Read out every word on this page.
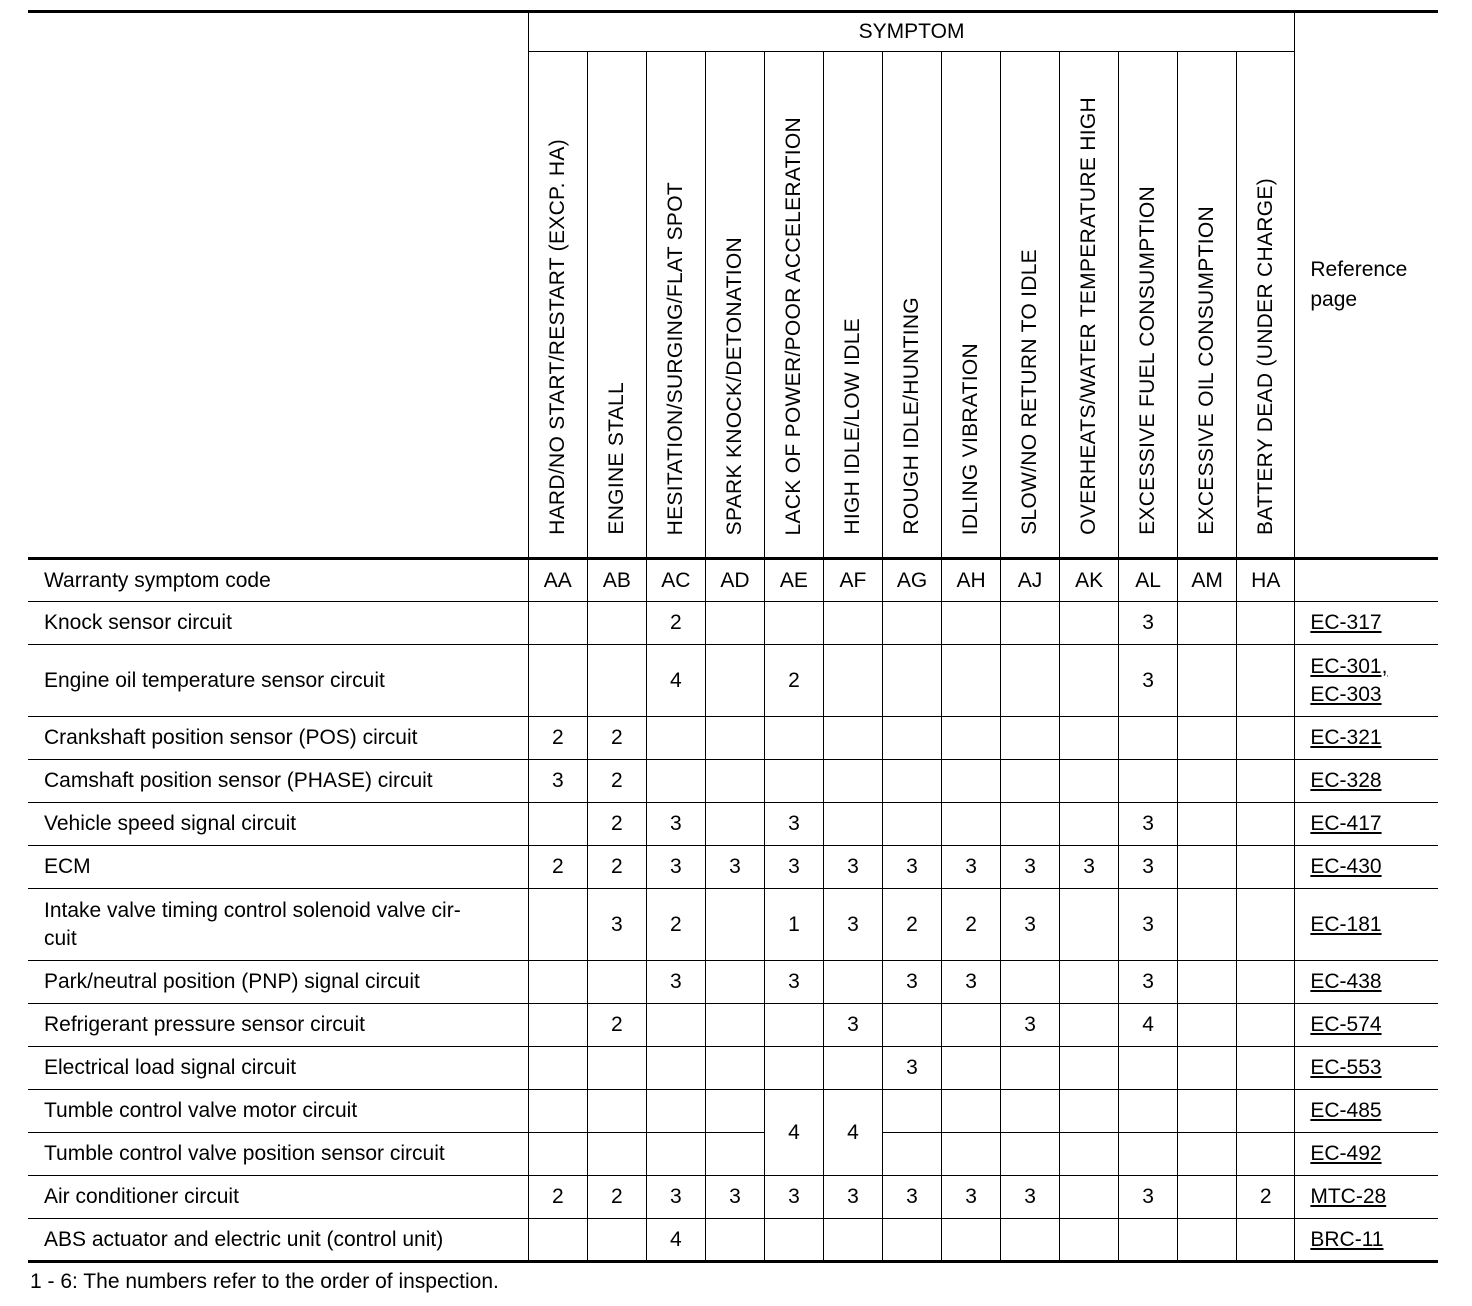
	SYMPTOM													Reference
page
	HARD/NO START/RESTART (EXCP. HA)	ENGINE STALL	HESITATION/SURGING/FLAT SPOT	SPARK KNOCK/DETONATION	LACK OF POWER/POOR ACCELERATION	HIGH IDLE/LOW IDLE	ROUGH IDLE/HUNTING	IDLING VIBRATION	SLOW/NO RETURN TO IDLE	OVERHEATS/WATER TEMPERATURE HIGH	EXCESSIVE FUEL CONSUMPTION	EXCESSIVE OIL CONSUMPTION	BATTERY DEAD (UNDER CHARGE)	
Warranty symptom code	AA	AB	AC	AD	AE	AF	AG	AH	AJ	AK	AL	AM	HA	
Knock sensor circuit			2								3			EC-317
Engine oil temperature sensor circuit			4		2						3			EC-301,
EC-303
Crankshaft position sensor (POS) circuit	2	2												EC-321
Camshaft position sensor (PHASE) circuit	3	2												EC-328
Vehicle speed signal circuit		2	3		3						3			EC-417
ECM	2	2	3	3	3	3	3	3	3	3	3			EC-430
Intake valve timing control solenoid valve cir-
cuit		3	2		1	3	2	2	3		3			EC-181
Park/neutral position (PNP) signal circuit			3		3		3	3			3			EC-438
Refrigerant pressure sensor circuit		2				3			3		4			EC-574
Electrical load signal circuit							3							EC-553
Tumble control valve motor circuit					4	4								EC-485
Tumble control valve position sensor circuit														EC-492
Air conditioner circuit	2	2	3	3	3	3	3	3	3		3		2	MTC-28
ABS actuator and electric unit (control unit)			4											BRC-11
1 - 6: The numbers refer to the order of inspection.
